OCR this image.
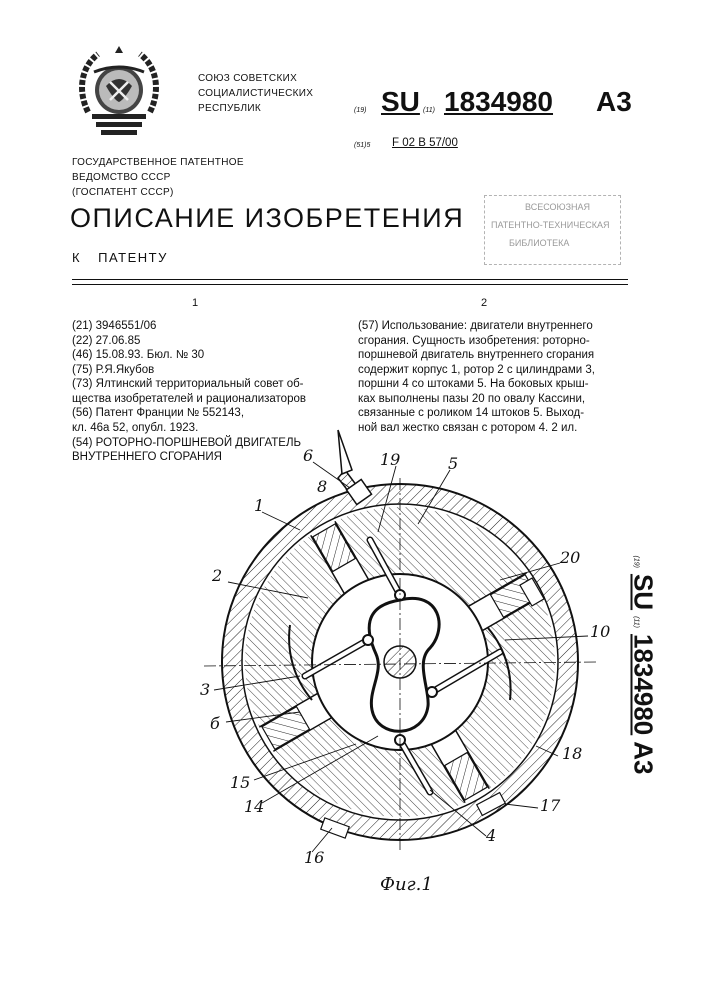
СОЮЗ СОВЕТСКИХ
СОЦИАЛИСТИЧЕСКИХ
РЕСПУБЛИК	(19) SU (11) 1834980 A3
(51)5 F 02 B 57/00
ГОСУДАРСТВЕННОЕ ПАТЕНТНОЕ
ВЕДОМСТВО СССР
(ГОСПАТЕНТ СССР)
ОПИСАНИЕ ИЗОБРЕТЕНИЯ
К ПАТЕНТУ
ВСЕСОЮЗНАЯ
ПАТЕНТНО-ТЕХНИЧЕСКАЯ
БИБЛИОТЕКА
1	2
(21) 3946551/06
(22) 27.06.85
(46) 15.08.93. Бюл. № 30
(75) Р.Я.Якубов
(73) Ялтинский территориальный совет об-
щества изобретателей и рационализаторов
(56) Патент Франции № 552143,
кл. 46а 52, опубл. 1923.
(54) РОТОРНО-ПОРШНЕВОЙ ДВИГАТЕЛЬ
ВНУТРЕННЕГО СГОРАНИЯ
(57) Использование: двигатели внутреннего
сгорания. Сущность изобретения: роторно-
поршневой двигатель внутреннего сгорания
содержит корпус 1, ротор 2 с цилиндрами 3,
поршни 4 со штоками 5. На боковых крыш-
ках выполнены пазы 20 по овалу Кассини,
связанные с роликом 14 штоков 5. Выход-
ной вал жестко связан с ротором 4. 2 ил.
6
8
19	5
1
2
20
10
3
б
15
14
18
17
4
16
Фиг.1
(19)
SU
(11)
1834980
A3
